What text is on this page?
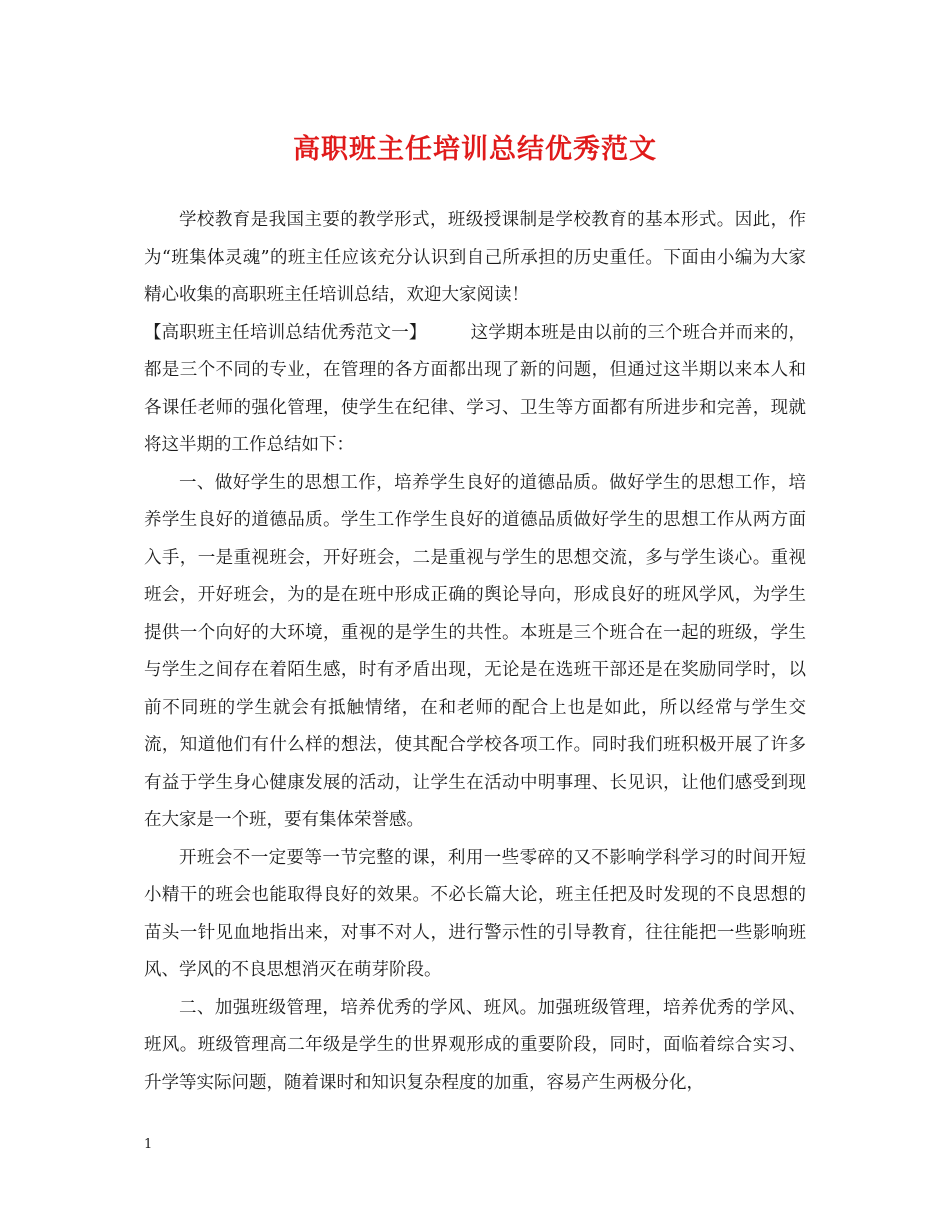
高职班主任培训总结优秀范文

学校教育是我国主要的教学形式，班级授课制是学校教育的基本形式。因此，作为“班集体灵魂”的班主任应该充分认识到自己所承担的历史重任。下面由小编为大家精心收集的高职班主任培训总结，欢迎大家阅读！

【高职班主任培训总结优秀范文一】	这学期本班是由以前的三个班合并而来的，都是三个不同的专业，在管理的各方面都出现了新的问题，但通过这半期以来本人和各课任老师的强化管理，使学生在纪律、学习、卫生等方面都有所进步和完善，现就将这半期的工作总结如下：

一、做好学生的思想工作，培养学生良好的道德品质。做好学生的思想工作，培养学生良好的道德品质。学生工作学生良好的道德品质做好学生的思想工作从两方面入手，一是重视班会，开好班会，二是重视与学生的思想交流，多与学生谈心。重视班会，开好班会，为的是在班中形成正确的舆论导向，形成良好的班风学风，为学生提供一个向好的大环境，重视的是学生的共性。本班是三个班合在一起的班级，学生与学生之间存在着陌生感，时有矛盾出现，无论是在选班干部还是在奖励同学时，以前不同班的学生就会有抵触情绪，在和老师的配合上也是如此，所以经常与学生交流，知道他们有什么样的想法，使其配合学校各项工作。同时我们班积极开展了许多有益于学生身心健康发展的活动，让学生在活动中明事理、长见识，让他们感受到现在大家是一个班，要有集体荣誉感。

开班会不一定要等一节完整的课，利用一些零碎的又不影响学科学习的时间开短小精干的班会也能取得良好的效果。不必长篇大论，班主任把及时发现的不良思想的苗头一针见血地指出来，对事不对人，进行警示性的引导教育，往往能把一些影响班风、学风的不良思想消灭在萌芽阶段。

二、加强班级管理，培养优秀的学风、班风。加强班级管理，培养优秀的学风、班风。班级管理高二年级是学生的世界观形成的重要阶段，同时，面临着综合实习、升学等实际问题，随着课时和知识复杂程度的加重，容易产生两极分化，

1
